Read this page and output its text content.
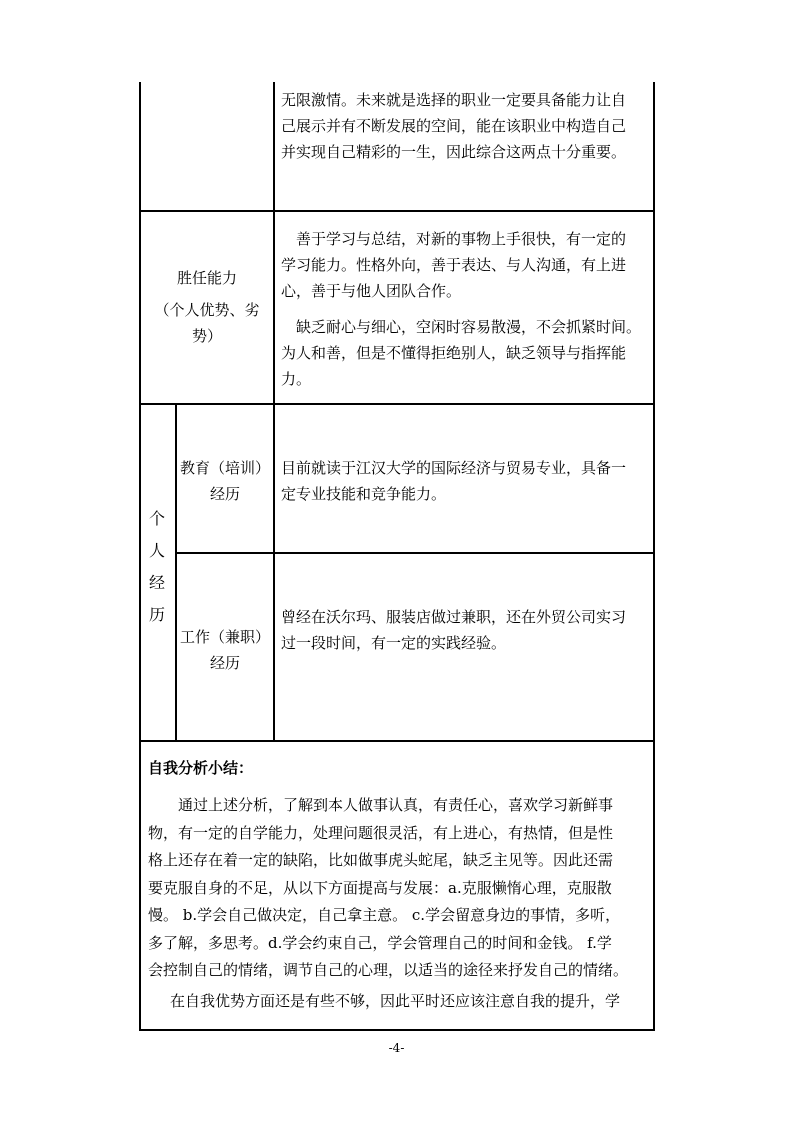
无限激情。未来就是选择的职业一定要具备能力让自
己展示并有不断发展的空间，能在该职业中构造自己
并实现自己精彩的一生，因此综合这两点十分重要。
胜任能力
（个人优势、劣
势）
善于学习与总结，对新的事物上手很快，有一定的
学习能力。性格外向，善于表达、与人沟通，有上进
心，善于与他人团队合作。
缺乏耐心与细心，空闲时容易散漫，不会抓紧时间。
为人和善，但是不懂得拒绝别人，缺乏领导与指挥能
力。
个
人
经
历
教育（培训）
经历
目前就读于江汉大学的国际经济与贸易专业，具备一
定专业技能和竞争能力。
工作（兼职）
经历
曾经在沃尔玛、服装店做过兼职，还在外贸公司实习
过一段时间，有一定的实践经验。
自我分析小结：
通过上述分析，了解到本人做事认真，有责任心，喜欢学习新鲜事
物，有一定的自学能力，处理问题很灵活，有上进心，有热情，但是性
格上还存在着一定的缺陷，比如做事虎头蛇尾，缺乏主见等。因此还需
要克服自身的不足，从以下方面提高与发展：a.克服懒惰心理，克服散
慢。 b.学会自己做决定，自己拿主意。 c.学会留意身边的事情，多听，
多了解，多思考。d.学会约束自己，学会管理自己的时间和金钱。 f.学
会控制自己的情绪，调节自己的心理，以适当的途径来抒发自己的情绪。
在自我优势方面还是有些不够，因此平时还应该注意自我的提升，学
-4-
